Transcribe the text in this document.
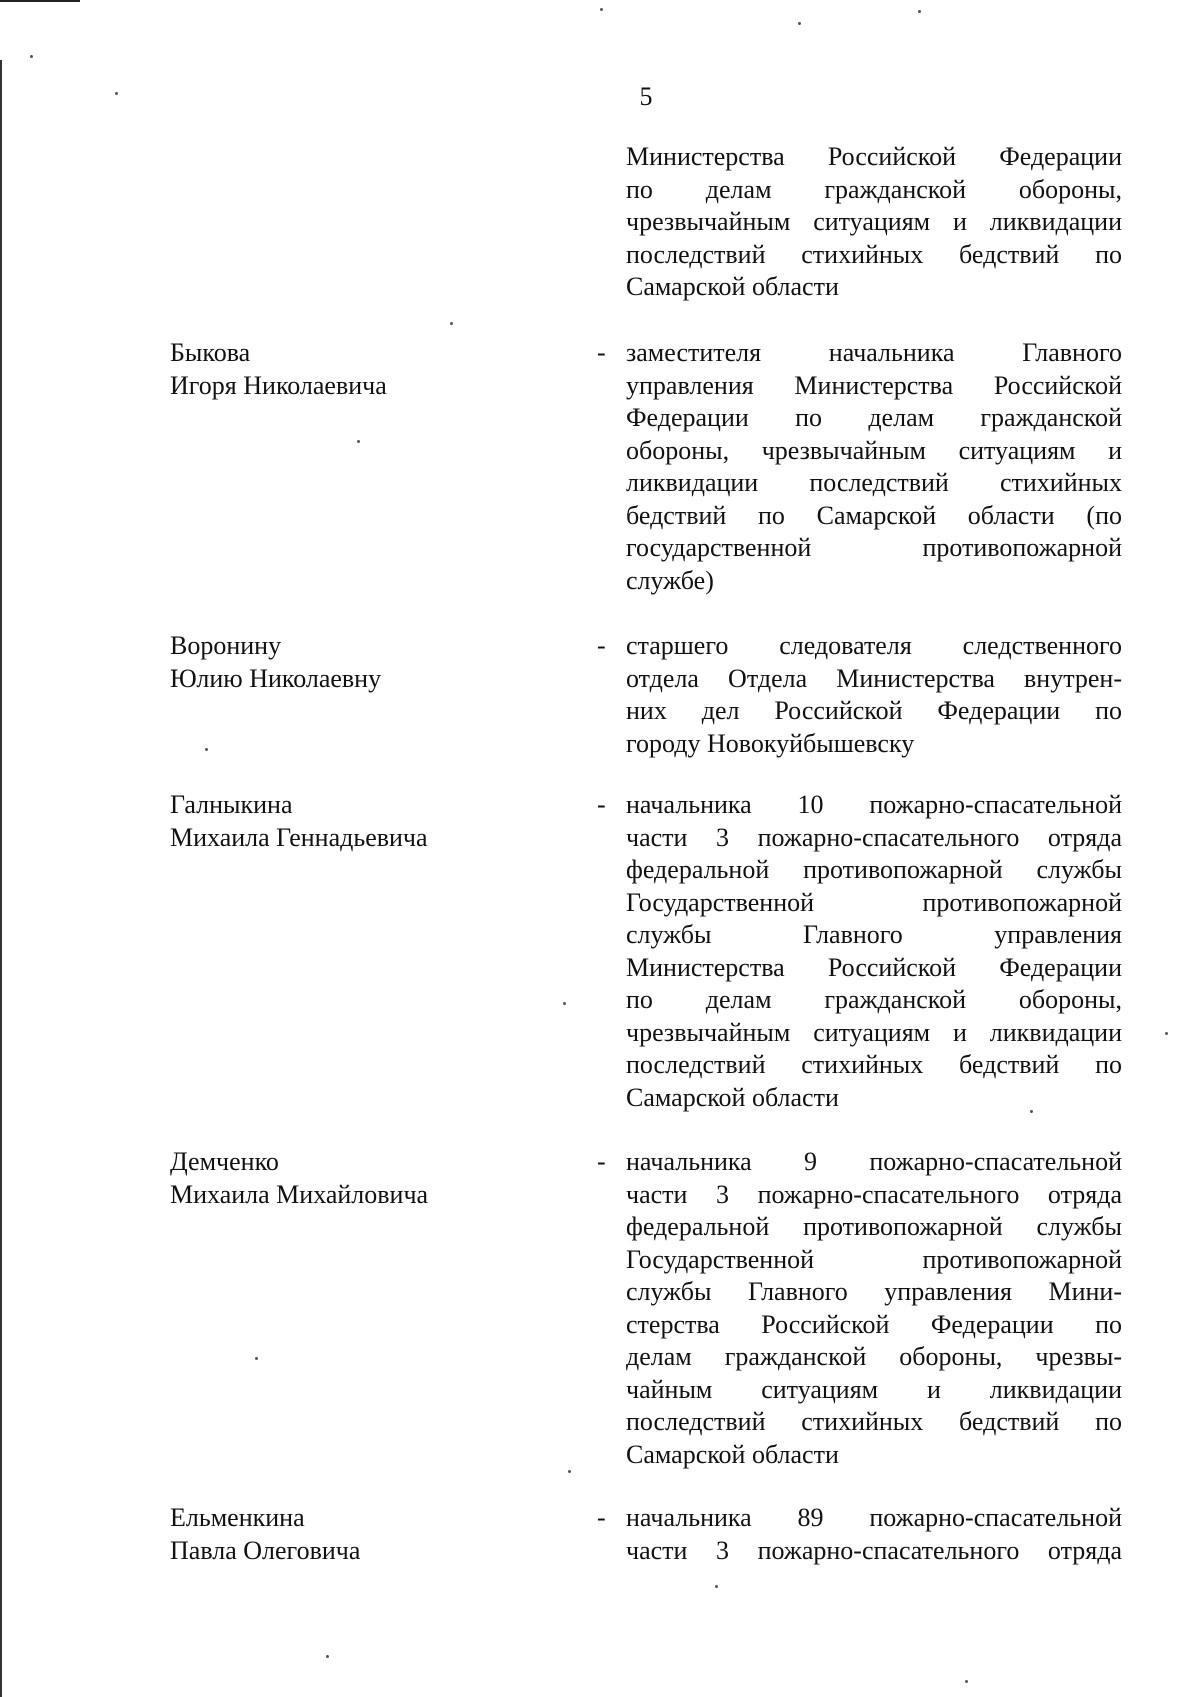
5
Министерства Российской Федерации
по делам гражданской обороны,
чрезвычайным ситуациям и ликвидации
последствий стихийных бедствий по
Самарской области
Быкова
Игоря Николаевича
- заместителя начальника Главного
управления Министерства Российской
Федерации по делам гражданской
обороны, чрезвычайным ситуациям и
ликвидации последствий стихийных
бедствий по Самарской области (по
государственной противопожарной
службе)
Воронину
Юлию Николаевну
- старшего следователя следственного
отдела Отдела Министерства внутрен-
них дел Российской Федерации по
городу Новокуйбышевску
Галныкина
Михаила Геннадьевича
- начальника 10 пожарно-спасательной
части 3 пожарно-спасательного отряда
федеральной противопожарной службы
Государственной противопожарной
службы Главного управления
Министерства Российской Федерации
по делам гражданской обороны,
чрезвычайным ситуациям и ликвидации
последствий стихийных бедствий по
Самарской области
Демченко
Михаила Михайловича
- начальника 9 пожарно-спасательной
части 3 пожарно-спасательного отряда
федеральной противопожарной службы
Государственной противопожарной
службы Главного управления Мини-
стерства Российской Федерации по
делам гражданской обороны, чрезвы-
чайным ситуациям и ликвидации
последствий стихийных бедствий по
Самарской области
Ельменкина
Павла Олеговича
- начальника 89 пожарно-спасательной
части 3 пожарно-спасательного отряда
